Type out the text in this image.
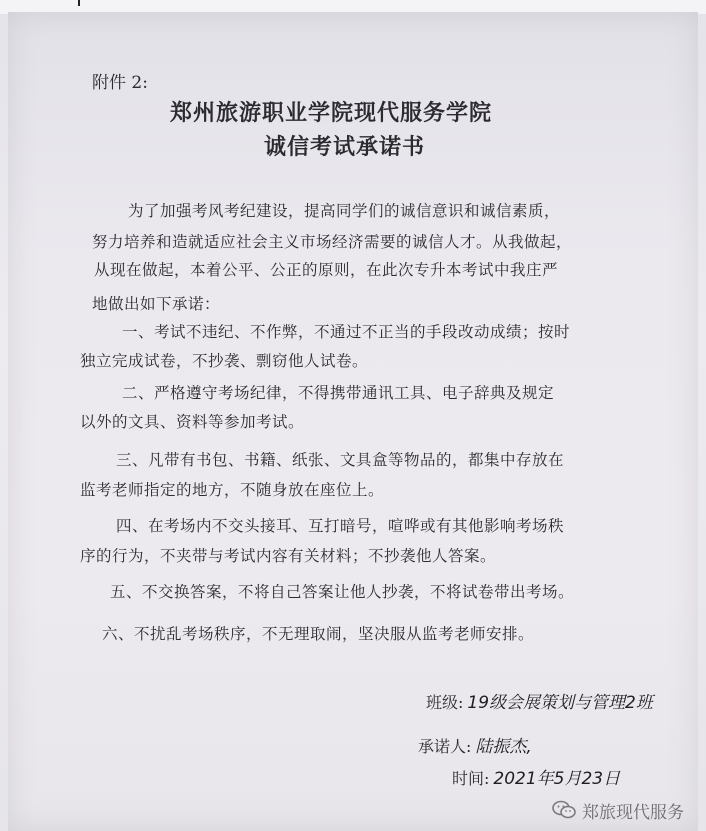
附件 2:
郑州旅游职业学院现代服务学院
诚信考试承诺书
为了加强考风考纪建设，提高同学们的诚信意识和诚信素质，
努力培养和造就适应社会主义市场经济需要的诚信人才。从我做起，
从现在做起，本着公平、公正的原则，在此次专升本考试中我庄严
地做出如下承诺：
一、考试不违纪、不作弊，不通过不正当的手段改动成绩；按时
独立完成试卷，不抄袭、剽窃他人试卷。
二、严格遵守考场纪律，不得携带通讯工具、电子辞典及规定
以外的文具、资料等参加考试。
三、凡带有书包、书籍、纸张、文具盒等物品的，都集中存放在
监考老师指定的地方，不随身放在座位上。
四、在考场内不交头接耳、互打暗号，喧哗或有其他影响考场秩
序的行为，不夹带与考试内容有关材料；不抄袭他人答案。
五、不交换答案，不将自己答案让他人抄袭，不将试卷带出考场。
六、不扰乱考场秩序，不无理取闹，坚决服从监考老师安排。
班级: 19级会展策划与管理2班
承诺人: 陆振杰,
时间: 2021年5月23日
郑旅现代服务
